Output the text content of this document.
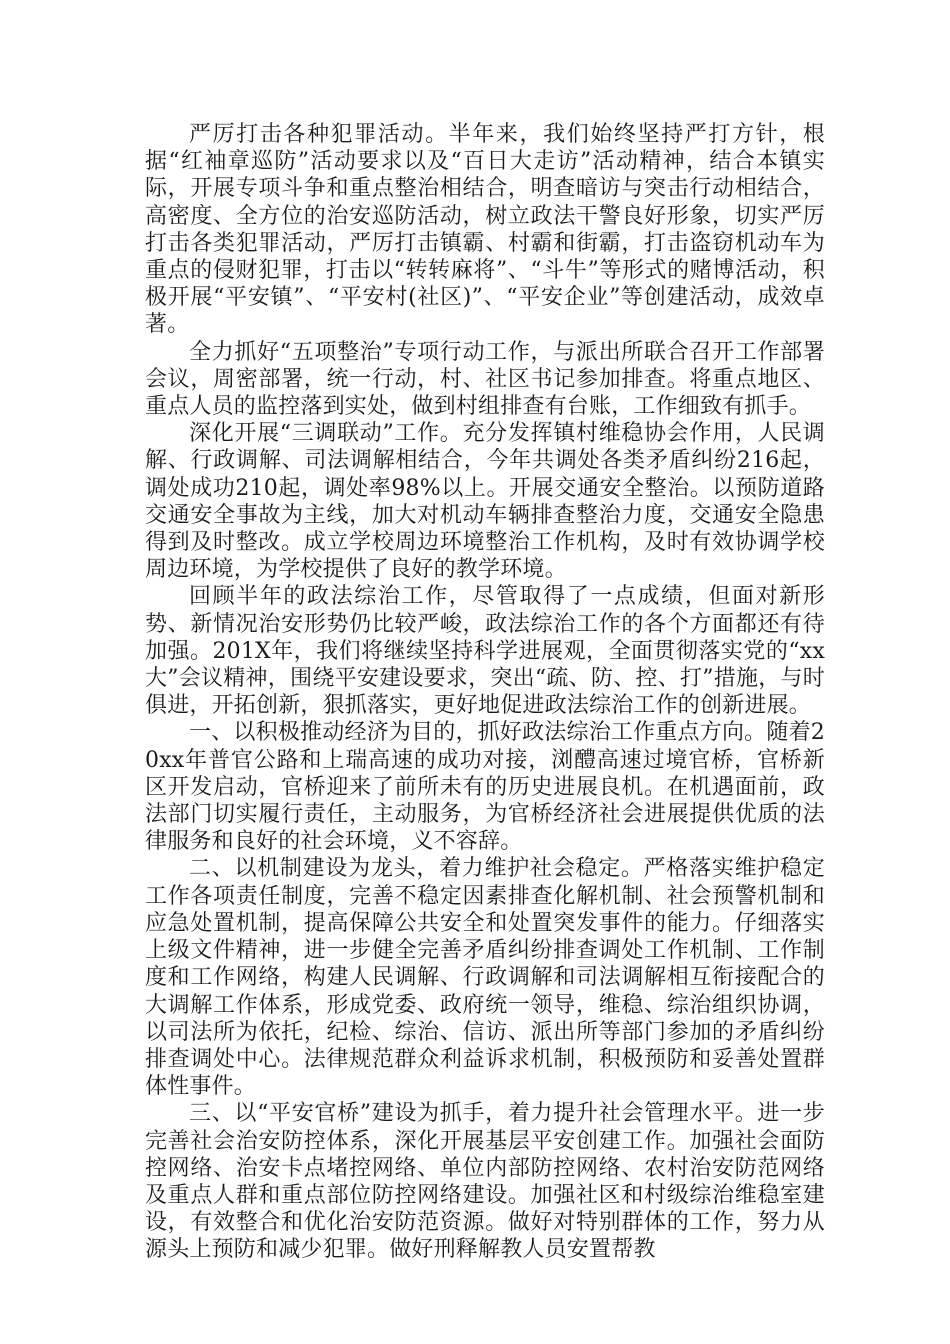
严厉打击各种犯罪活动。半年来，我们始终坚持严打方针，根据“红袖章巡防”活动要求以及“百日大走访”活动精神，结合本镇实际，开展专项斗争和重点整治相结合，明查暗访与突击行动相结合，高密度、全方位的治安巡防活动，树立政法干警良好形象，切实严厉打击各类犯罪活动，严厉打击镇霸、村霸和街霸，打击盗窃机动车为重点的侵财犯罪，打击以“转转麻将”、“斗牛”等形式的赌博活动，积极开展“平安镇”、“平安村(社区)”、“平安企业”等创建活动，成效卓著。

全力抓好“五项整治”专项行动工作，与派出所联合召开工作部署会议，周密部署，统一行动，村、社区书记参加排查。将重点地区、重点人员的监控落到实处，做到村组排查有台账，工作细致有抓手。

深化开展“三调联动”工作。充分发挥镇村维稳协会作用，人民调解、行政调解、司法调解相结合，今年共调处各类矛盾纠纷216起，调处成功210起，调处率98%以上。开展交通安全整治。以预防道路交通安全事故为主线，加大对机动车辆排查整治力度，交通安全隐患得到及时整改。成立学校周边环境整治工作机构，及时有效协调学校周边环境，为学校提供了良好的教学环境。

回顾半年的政法综治工作，尽管取得了一点成绩，但面对新形势、新情况治安形势仍比较严峻，政法综治工作的各个方面都还有待加强。201X年，我们将继续坚持科学进展观，全面贯彻落实党的“xx大”会议精神，围绕平安建设要求，突出“疏、防、控、打”措施，与时俱进，开拓创新，狠抓落实，更好地促进政法综治工作的创新进展。

一、以积极推动经济为目的，抓好政法综治工作重点方向。随着20xx年普官公路和上瑞高速的成功对接，浏醴高速过境官桥，官桥新区开发启动，官桥迎来了前所未有的历史进展良机。在机遇面前，政法部门切实履行责任，主动服务，为官桥经济社会进展提供优质的法律服务和良好的社会环境，义不容辞。

二、以机制建设为龙头，着力维护社会稳定。严格落实维护稳定工作各项责任制度，完善不稳定因素排查化解机制、社会预警机制和应急处置机制，提高保障公共安全和处置突发事件的能力。仔细落实上级文件精神，进一步健全完善矛盾纠纷排查调处工作机制、工作制度和工作网络，构建人民调解、行政调解和司法调解相互衔接配合的大调解工作体系，形成党委、政府统一领导，维稳、综治组织协调，以司法所为依托，纪检、综治、信访、派出所等部门参加的矛盾纠纷排查调处中心。法律规范群众利益诉求机制，积极预防和妥善处置群体性事件。

三、以“平安官桥”建设为抓手，着力提升社会管理水平。进一步完善社会治安防控体系，深化开展基层平安创建工作。加强社会面防控网络、治安卡点堵控网络、单位内部防控网络、农村治安防范网络及重点人群和重点部位防控网络建设。加强社区和村级综治维稳室建设，有效整合和优化治安防范资源。做好对特别群体的工作，努力从源头上预防和减少犯罪。做好刑释解教人员安置帮教
